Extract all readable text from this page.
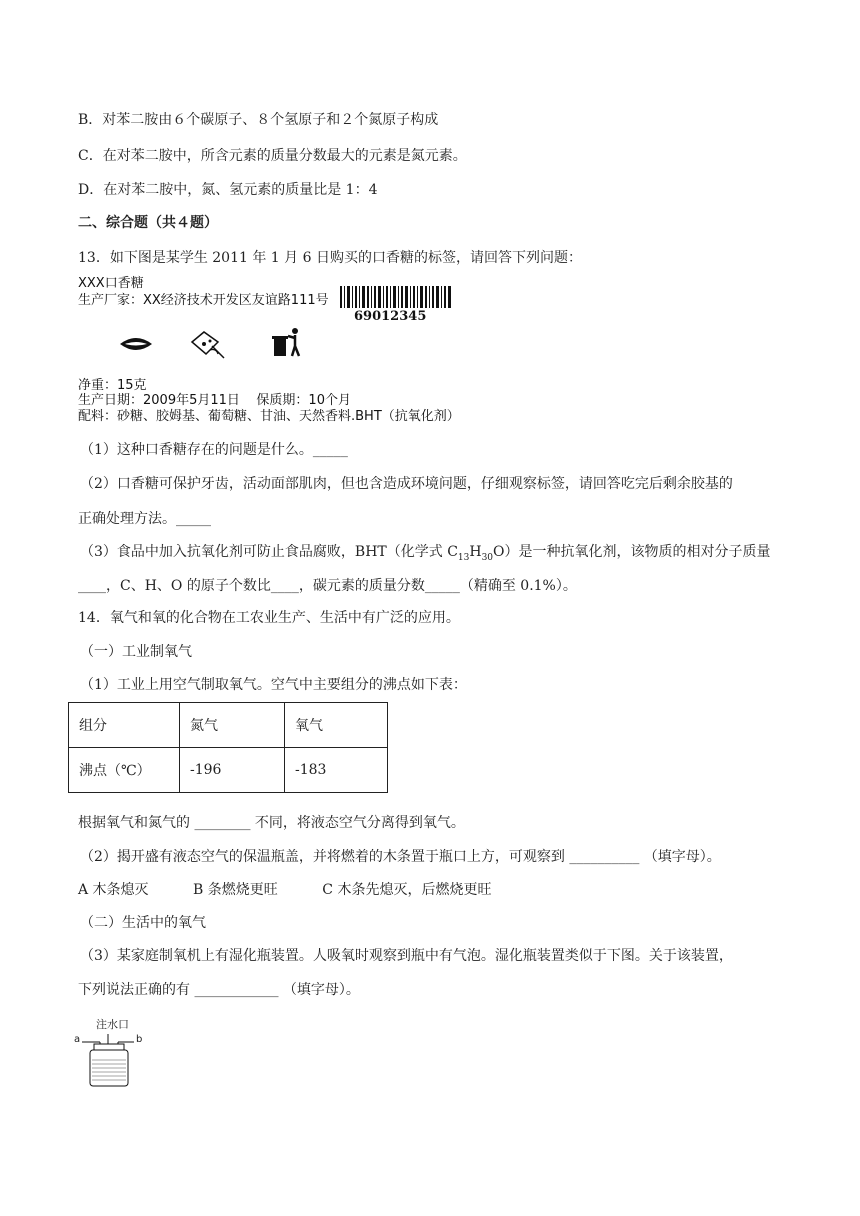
B．对苯二胺由６个碳原子、８个氢原子和２个氮原子构成
C．在对苯二胺中，所含元素的质量分数最大的元素是氮元素。
D．在对苯二胺中，氮、氢元素的质量比是 1：4
二、综合题（共４题）
13．如下图是某学生 2011 年 1 月 6 日购买的口香糖的标签，请回答下列问题：
XXX口香糖
生产厂家：XX经济技术开发区友谊路111号
69012345
净重：15克
生产日期：2009年5月11日    保质期：10个月
配料：砂糖、胶姆基、葡萄糖、甘油、天然香料.BHT（抗氧化剂）
（1）这种口香糖存在的问题是什么。_____
（2）口香糖可保护牙齿，活动面部肌肉，但也含造成环境问题，仔细观察标签，请回答吃完后剩余胶基的
正确处理方法。_____
（3）食品中加入抗氧化剂可防止食品腐败，BHT（化学式 $C_{13}H_{30}O$）是一种抗氧化剂，该物质的相对分子质量
____，C、H、O 的原子个数比____，碳元素的质量分数_____（精确至 0.1%）。
14．氧气和氧的化合物在工农业生产、生活中有广泛的应用。
（一）工业制氧气
（1）工业上用空气制取氧气。空气中主要组分的沸点如下表：
组分	氮气	氧气
沸点（℃）	-196	-183
根据氧气和氮气的 ________ 不同，将液态空气分离得到氧气。
（2）揭开盛有液态空气的保温瓶盖，并将燃着的木条置于瓶口上方，可观察到 __________ （填字母）。
A 木条熄灭          B 条燃烧更旺          C 木条先熄灭，后燃烧更旺
（二）生活中的氧气
（3）某家庭制氧机上有湿化瓶装置。人吸氧时观察到瓶中有气泡。湿化瓶装置类似于下图。关于该装置，
下列说法正确的有 ____________ （填字母）。
注水口
a	b
